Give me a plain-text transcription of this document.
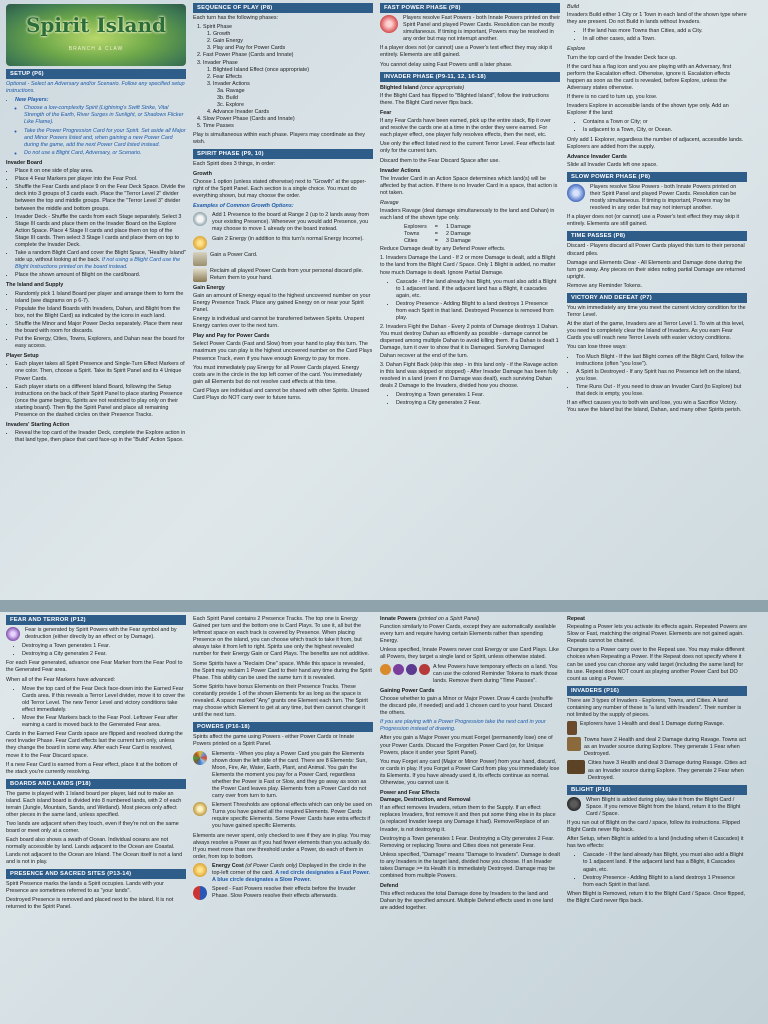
Spirit Island
BRANCH & CLAW
SETUP (P6)

Optional - Select an Adversary and/or Scenario. Follow any specified setup instructions.

• New Players:
◦ Choose a low-complexity Spirit (Lightning's Swift Strike, Vital Strength of the Earth, River Surges in Sunlight, or Shadows Flicker Like Flame).
◦ Take the Power Progression Card for your Spirit. Set aside all Major and Minor Powers listed and, when gaining a new Power Card during the game, add the next Power Card listed instead.
◦ Do not use a Blight Card, Adversary, or Scenario.
Invader Board
• Place it on one side of play area.
• Place 4 Fear Markers per player into the Fear Pool.
• Shuffle the Fear Cards and place 9 on the Fear Deck Space. Divide the deck into 3 groups of 3 cards each. Place the "Terror Level 2" divider between the top and middle groups. Place the "Terror Level 3" divider between the middle and bottom groups.
• Invader Deck - Shuffle the cards from each Stage separately. Select 3 Stage III cards and place them on the Invader Board on the Explore Action Space. Place 4 Stage II cards and place them on top of the Stage III cards. Then select 3 Stage I cards and place them on top to complete the Invader Deck.
• Take a random Blight Card and cover the Blight Space, "Healthy Island" side up, without looking at the back. If not using a Blight Card use the Blight Instructions printed on the board instead.
• Place the shown amount of Blight on the card/board.
The Island and Supply
• Randomly pick 1 Island Board per player and arrange them to form the island (see diagrams on p 6-7).
• Populate the Island Boards with Invaders, Dahan, and Blight from the box, not the Blight Card) as indicated by the icons in each land.
• Shuffle the Minor and Major Power Decks separately. Place them near the board with room for discards.
• Put the Energy, Cities, Towns, Explorers, and Dahan near the board for easy access.
Player Setup
• Each player takes all Spirit Presence and Single-Turn Effect Markers of one color. Then, choose a Spirit. Take its Spirit Panel and its 4 Unique Power Cards.
• Each player starts on a different Island Board, following the Setup instructions on the back of their Spirit Panel to place starting Presence (once the game begins, Spirits are not restricted to play only on their starting board). Then flip the Spirit Panel and place all remaining Presence on the dashed circles on their Presence Tracks.
Invaders' Starting Action
• Reveal the top card of the Invader Deck, complete the Explore action in that land type, then place that card face-up in the "Build" Action Space.
SEQUENCE OF PLAY (P8)

Each turn has the following phases:

1. Spirit Phase
1. Growth
2. Gain Energy
3. Play and Pay for Power Cards
2. Fast Power Phase (Cards and Innate)
3. Invader Phase
1. Blighted Island Effect (once appropriate)
2. Fear Effects
3. Invader Actions
3a. Ravage
3b. Build
3c. Explore
4. Advance Invader Cards
4. Slow Power Phase (Cards and Innate)
5. Time Passes

Play is simultaneous within each phase. Players may coordinate as they wish.

SPIRIT PHASE (P9, 10)

Each Spirit does 3 things, in order:

Growth

Choose 1 option (unless stated otherwise) next to "Growth" at the upper-right of the Spirit Panel. Each section is a single choice. You must do everything shown, but may choose the order.

Examples of Common Growth Options:
Add 1 Presence to the board at Range 2 (up to 2 lands away from your existing Presence). Whenever you would add Presence, you may choose to move 1 already on the board instead.
Gain 2 Energy (in addition to this turn's normal Energy Income).
Gain a Power Card.
Reclaim all played Power Cards from your personal discard pile. Return them to your hand.
Gain Energy

Gain an amount of Energy equal to the highest uncovered number on your Energy Presence Track. Place any gained Energy on or near your Spirit Panel.

Energy is individual and cannot be transferred between Spirits. Unspent Energy carries over to the next turn.

Play and Pay for Power Cards

Select Power Cards (Fast and Slow) from your hand to play this turn. The maximum you can play is the highest uncovered number on the Card Plays Presence Track, even if you have enough Energy to pay for more.

You must immediately pay Energy for all Power Cards played. Energy costs are in the circle in the top left corner of the card. You immediately gain all Elements but do not resolve card effects at this time.

Card Plays are individual and cannot be shared with other Spirits. Unused Card Plays do NOT carry over to future turns.

FAST POWER PHASE (P8)
Players resolve Fast Powers - both Innate Powers printed on their Spirit Panel and played Power Cards. Resolution can be mostly simultaneous. If timing is important, Powers may be resolved in any order but may not interrupt another.

If a player does not (or cannot) use a Power's text effect they may skip it entirely. Elements are still gained.

You cannot delay using Fast Powers until a later phase.

INVADER PHASE (P9-11, 12, 16-18)
Blighted Island (once appropriate)

If the Blight Card has flipped to "Blighted Island", follow the instructions there. The Blight Card never flips back.

Fear

If any Fear Cards have been earned, pick up the entire stack, flip it over and resolve the cards one at a time in the order they were earned. For each player effect, one player fully resolves effects, then the next, etc.

Use only the effect listed next to the current Terror Level. Fear effects last only for the current turn.

Discard them to the Fear Discard Space after use.

Invader Actions

The Invader Card in an Action Space determines which land(s) will be affected by that action. If there is no Invader Card in a space, that action is not taken.

Ravage

Invaders Ravage (deal damage simultaneously to the land and Dahan) in each land of the shown type only.

Explorers	=	1 Damage
Towns	=	2 Damage
Cities	=	3 Damage

Reduce Damage dealt by any Defend Power effects.

1. Invaders Damage the Land - If 2 or more Damage is dealt, add a Blight to the land from the Blight Card / Space. Only 1 Blight is added, no matter how much Damage is dealt. Ignore Partial Damage.

• Cascade - If the land already has Blight, you must also add a Blight to 1 adjacent land. If the adjacent land has a Blight, it cascades again, etc.
• Destroy Presence - Adding Blight to a land destroys 1 Presence from each Spirit in that land. Destroyed Presence is removed from play.

2. Invaders Fight the Dahan - Every 2 points of Damage destroys 1 Dahan. You must destroy Dahan as efficiently as possible - damage cannot be dispersed among multiple Dahan to avoid killing them. If a Dahan is dealt 1 Damage, turn it over to show that it is Damaged. Surviving Damaged Dahan recover at the end of the turn.

3. Dahan Fight Back (skip this step - in this land only - if the Ravage action in this land was skipped or stopped) - After Invader Damage has been fully resolved in a land (even if no Damage was dealt), each surviving Dahan deals 2 Damage to the Invaders, divided how you choose.

• Destroying a Town generates 1 Fear.
• Destroying a City generates 2 Fear.
Build

Invaders Build either 1 City or 1 Town in each land of the shown type where they are present. Do not Build in lands without Invaders.

• If the land has more Towns than Cities, add a City.
• In all other cases, add a Town.
Explore

Turn the top card of the Invader Deck face up.

If the card has a flag icon and you are playing with an Adversary, first perform the Escalation effect. Otherwise, ignore it. Escalation effects happen as soon as the card is revealed, before Explore, unless the Adversary states otherwise.

If there is no card to turn up, you lose.

Invaders Explore in accessible lands of the shown type only. Add an Explorer if the land:

• Contains a Town or City; or
• Is adjacent to a Town, City, or Ocean.

Only add 1 Explorer, regardless the number of adjacent, accessible lands. Explorers are added from the supply.

Advance Invader Cards

Slide all Invader Cards left one space.

SLOW POWER PHASE (P8)
Players resolve Slow Powers - both Innate Powers printed on their Spirit Panel and played Power Cards. Resolution can be mostly simultaneous. If timing is important, Powers may be resolved in any order but may not interrupt another.

If a player does not (or cannot) use a Power's text effect they may skip it entirely. Elements are still gained.

TIME PASSES (P8)

Discard - Players discard all Power Cards played this turn to their personal discard piles.

Damage and Elements Clear - All Elements and Damage done during the turn go away. Any pieces on their sides noting partial Damage are returned upright.

Remove any Reminder Tokens.

VICTORY AND DEFEAT (P7)

You win immediately any time you meet the current victory condition for the Terror Level.

At the start of the game, Invaders are at Terror Level 1. To win at this level, you need to completely clear the Island of Invaders. As you earn Fear Cards you will reach new Terror Levels with easier victory conditions.

You can lose three ways:

• Too Much Blight - If the last Blight comes off the Blight Card, follow the instructions (often "you lose").
• A Spirit Is Destroyed - If any Spirit has no Presence left on the island, you lose.
• Time Runs Out - If you need to draw an Invader Card (to Explore) but that deck is empty, you lose.

If an effect causes you to both win and lose, you win a Sacrifice Victory. You save the Island but the Island, Dahan, and many other Spirits perish.

FEAR AND TERROR (P12)
Fear is generated by Spirit Powers with the Fear symbol and by destruction (either directly by an effect or by Damage).
• Destroying a Town generates 1 Fear.
• Destroying a City generates 2 Fear.

For each Fear generated, advance one Fear Marker from the Fear Pool to the Generated Fear area.

When all of the Fear Markers have advanced:

• Move the top card of the Fear Deck face-down into the Earned Fear Cards area. If this reveals a Terror Level divider, move it to cover the old Terror Level. The new Terror Level and victory conditions take effect immediately.
• Move the Fear Markers back to the Fear Pool. Leftover Fear after earning a card is moved back to the Generated Fear area.

Cards in the Earned Fear Cards space are flipped and resolved during the next Invader Phase. Fear Card effects last the current turn only, unless they change the board in some way. After each Fear Card is resolved, move it to the Fear Discard space.

If a new Fear Card is earned from a Fear effect, place it at the bottom of the stack you're currently resolving.

BOARDS AND LANDS (P18)

The game is played with 1 Island board per player, laid out to make an island. Each island board is divided into 8 numbered lands, with 2 of each terrain (Jungle, Mountain, Sands, and Wetland). Most pieces only affect other pieces in the same land, unless specified.

Two lands are adjacent when they touch, even if they're not on the same board or meet only at a corner.

Each board also shows a swath of Ocean. Individual oceans are not normally accessible by land. Lands adjacent to the Ocean are Coastal. Lands not adjacent to the Ocean are Inland. The Ocean itself is not a land and is not in play.

PRESENCE AND SACRED SITES (P13-14)

Spirit Presence marks the lands a Spirit occupies. Lands with your Presence are sometimes referred to as "your lands".

Destroyed Presence is removed and placed next to the island. It is not returned to the Spirit Panel.

Each Spirit Panel contains 2 Presence Tracks. The top one is Energy Gained per turn and the bottom one is Card Plays. To use it, all but the leftmost space on each track is covered by Presence. When placing Presence on the island, you can choose which track to take it from, but always take it from left to right. Spirits use only the highest revealed number for their Energy Gain or Card Plays. The benefits are not additive.

Some Spirits have a "Reclaim One" space. While this space is revealed, the Spirit may reclaim 1 Power Card to their hand any time during the Spirit Phase. This ability can be used the same turn it is revealed.

Some Spirits have bonus Elements on their Presence Tracks. These constantly provide 1 of the shown Elements for as long as the space is revealed. A space marked "Any" grants one Element each turn. The Spirit may choose which Element to get at any time, but then cannot change it until the next turn.

POWERS (P16-18)

Spirits affect the game using Powers - either Power Cards or Innate Powers printed on a Spirit Panel.

Elements - When you play a Power Card you gain the Elements shown down the left side of the card. There are 8 Elements: Sun, Moon, Fire, Air, Water, Earth, Plant, and Animal. You gain the Elements the moment you pay for a Power Card, regardless whether the Power is Fast or Slow, and they go away as soon as the Power Card leaves play. Elements from a Power Card do not carry over from turn to turn.
Element Thresholds are optional effects which can only be used on Turns you have gained all the required Elements. Power Cards require specific Elements. Some Power Cards have extra effects if you have gained specific Elements.

Elements are never spent, only checked to see if they are in play. You may always resolve a Power as if you had fewer elements than you actually do. If you meet more than one threshold under a Power, do each of them in order, from top to bottom.

Energy Cost (of Power Cards only) Displayed in the circle in the top-left corner of the card. A red circle designates a Fast Power. A blue circle designates a Slow Power.
Speed - Fast Powers resolve their effects before the Invader Phase. Slow Powers resolve their effects afterwards.
Innate Powers (printed on a Spirit Panel)

Function similarly to Power Cards, except they are automatically available every turn and require having certain Elements rather than spending Energy.

Unless specified, Innate Powers never cost Energy or use Card Plays. Like all Powers, they target a single land or Spirit, unless otherwise stated.

A few Powers have temporary effects on a land. You can use the colored Reminder Tokens to mark those lands. Remove them during "Time Passes".
Gaining Power Cards

Choose whether to gain a Minor or Major Power. Draw 4 cards (reshuffle the discard pile, if needed) and add 1 chosen card to your hand. Discard the others.

If you are playing with a Power Progression take the next card in your Progression instead of drawing.

After you gain a Major Power you must Forget (permanently lose) one of your Power Cards. Discard the Forgotten Power Card (or, for Unique Powers, place it under your Spirit Panel).

You may Forget any card (Major or Minor Power) from your hand, discard, or cards in play. If you Forget a Power Card from play you immediately lose its Elements. If you have already used it, its effects continue as normal. Otherwise, you cannot use it.

Power and Fear Effects
Damage, Destruction, and Removal

If an effect removes Invaders, return them to the Supply. If an effect replaces Invaders, first remove it and then put some thing else in its place (a replaced Invader keeps any Damage it had). Remove/Replace of an Invader, is not destroying it.

Destroying a Town generates 1 Fear. Destroying a City generates 2 Fear. Removing or replacing Towns and Cities does not generate Fear.

Unless specified, "Damage" means "Damage to Invaders". Damage is dealt to any Invaders in the target land, divided how you choose. If an Invader takes Damage >= its Health it is immediately Destroyed. Damage may be combined from multiple Powers.

Defend

This effect reduces the total Damage done by Invaders to the land and Dahan by the specified amount. Multiple Defend effects used in one land are added together.

Repeat

Repeating a Power lets you activate its effects again. Repeated Powers are Slow or Fast, matching the original Power. Elements are not gained again. Repeats cannot be chained.

Changes to a Power carry over to the Repeat use. You may make different choices when Repeating a Power. If the Repeat does not specify where it can be used you can choose any valid target (including the same land) for its use. Repeat does NOT count as playing another Power Card but DO count as using a Power.

INVADERS (P16)

There are 3 types of Invaders - Explorers, Towns, and Cities. A land containing any number of these is "a land with Invaders". Their number is not limited by the supply of pieces.

Explorers have 1 Health and deal 1 Damage during Ravage.
Towns have 2 Health and deal 2 Damage during Ravage. Towns act as an Invader source during Explore. They generate 1 Fear when Destroyed.
Cities have 3 Health and deal 3 Damage during Ravage. Cities act as an Invader source during Explore. They generate 2 Fear when Destroyed.
BLIGHT (P16)
When Blight is added during play, take it from the Blight Card / Space. If you remove Blight from the Island, return it to the Blight Card / Space.

If you run out of Blight on the card / space, follow its instructions. Flipped Blight Cards never flip back.

After Setup, when Blight is added to a land (including when it Cascades) it has two effects:

• Cascade - If the land already has Blight, you must also add a Blight to 1 adjacent land. If the adjacent land has a Blight, it Cascades again, etc.
• Destroy Presence - Adding Blight to a land destroys 1 Presence from each Spirit in that land.

When Blight is Removed, return it to the Blight Card / Space. Once flipped, the Blight Card never flips back.
